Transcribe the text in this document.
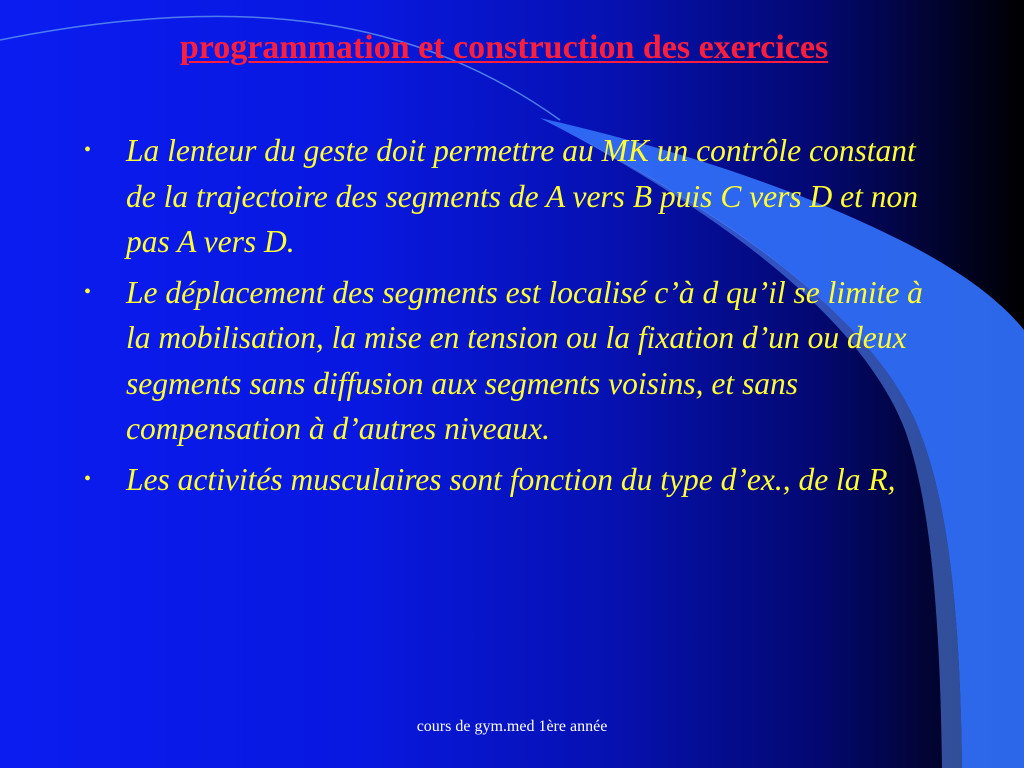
programmation et construction des exercices
• La lenteur du geste doit permettre au MK un contrôle constant de la trajectoire des segments de A vers B puis C vers D et non pas A vers D.
• Le déplacement des segments est localisé c’à d qu’il se limite à la mobilisation, la mise en tension ou la fixation d’un ou deux segments sans diffusion aux segments voisins, et sans compensation à d’autres niveaux.
• Les activités musculaires sont fonction du type d’ex., de la R,
cours de gym.med 1ère année
